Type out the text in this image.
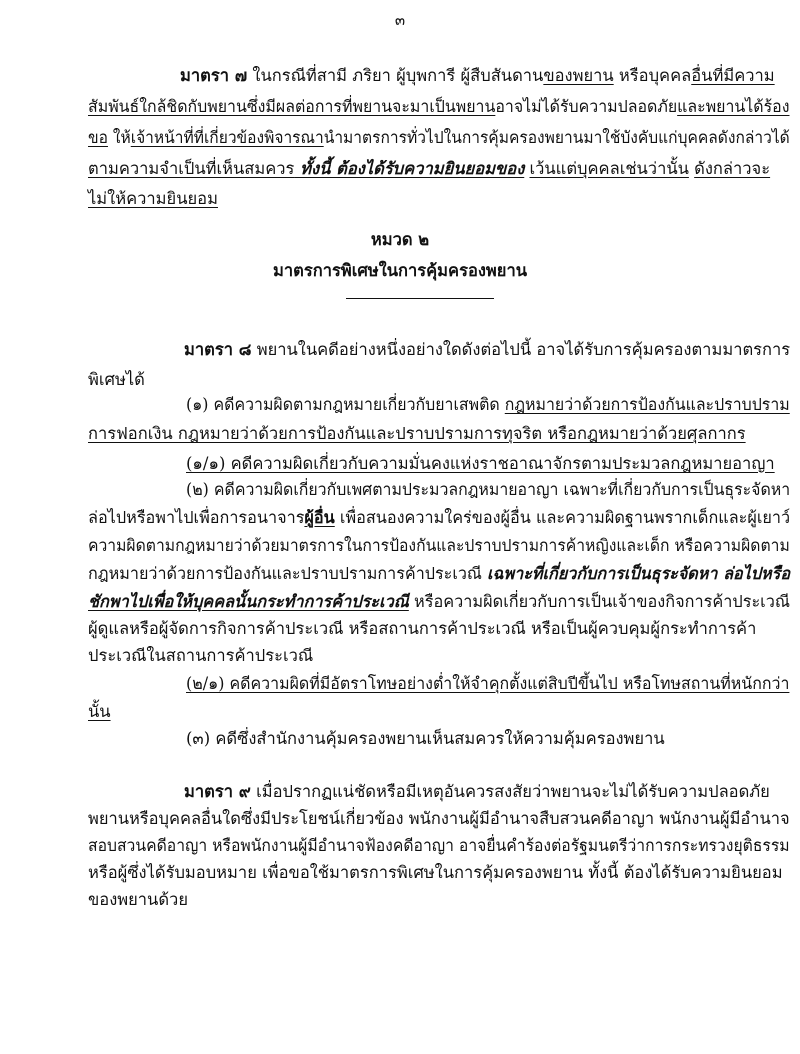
๓
มาตรา ๗ ในกรณีที่สามี ภริยา ผู้บุพการี ผู้สืบสันดานของพยาน หรือบุคคลอื่นที่มีความ
สัมพันธ์ใกล้ชิดกับพยานซึ่งมีผลต่อการที่พยานจะมาเป็นพยานอาจไม่ได้รับความปลอดภัยและพยานได้ร้อง
ขอ ให้เจ้าหน้าที่ที่เกี่ยวข้องพิจารณานำมาตรการทั่วไปในการคุ้มครองพยานมาใช้บังคับแก่บุคคลดังกล่าวได้
ตามความจำเป็นที่เห็นสมควร ทั้งนี้ ต้องได้รับความยินยอมของ เว้นแต่บุคคลเช่นว่านั้น ดังกล่าวจะ
ไม่ให้ความยินยอม
หมวด ๒
มาตรการพิเศษในการคุ้มครองพยาน
มาตรา ๘ พยานในคดีอย่างหนึ่งอย่างใดดังต่อไปนี้ อาจได้รับการคุ้มครองตามมาตรการ
พิเศษได้
(๑) คดีความผิดตามกฎหมายเกี่ยวกับยาเสพติด กฎหมายว่าด้วยการป้องกันและปราบปราม
การฟอกเงิน กฎหมายว่าด้วยการป้องกันและปราบปรามการทุจริต หรือกฎหมายว่าด้วยศุลกากร
(๑/๑) คดีความผิดเกี่ยวกับความมั่นคงแห่งราชอาณาจักรตามประมวลกฎหมายอาญา
(๒) คดีความผิดเกี่ยวกับเพศตามประมวลกฎหมายอาญา เฉพาะที่เกี่ยวกับการเป็นธุระจัดหา
ล่อไปหรือพาไปเพื่อการอนาจารผู้อื่น เพื่อสนองความใคร่ของผู้อื่น และความผิดฐานพรากเด็กและผู้เยาว์
ความผิดตามกฎหมายว่าด้วยมาตรการในการป้องกันและปราบปรามการค้าหญิงและเด็ก หรือความผิดตาม
กฎหมายว่าด้วยการป้องกันและปราบปรามการค้าประเวณี เฉพาะที่เกี่ยวกับการเป็นธุระจัดหา ล่อไปหรือ
ชักพาไปเพื่อให้บุคคลนั้นกระทำการค้าประเวณี หรือความผิดเกี่ยวกับการเป็นเจ้าของกิจการค้าประเวณี
ผู้ดูแลหรือผู้จัดการกิจการค้าประเวณี หรือสถานการค้าประเวณี หรือเป็นผู้ควบคุมผู้กระทำการค้า
ประเวณีในสถานการค้าประเวณี
(๒/๑) คดีความผิดที่มีอัตราโทษอย่างต่ำให้จำคุกตั้งแต่สิบปีขึ้นไป หรือโทษสถานที่หนักกว่า
นั้น
(๓) คดีซึ่งสำนักงานคุ้มครองพยานเห็นสมควรให้ความคุ้มครองพยาน
มาตรา ๙ เมื่อปรากฏแน่ชัดหรือมีเหตุอันควรสงสัยว่าพยานจะไม่ได้รับความปลอดภัย
พยานหรือบุคคลอื่นใดซึ่งมีประโยชน์เกี่ยวข้อง พนักงานผู้มีอำนาจสืบสวนคดีอาญา พนักงานผู้มีอำนาจ
สอบสวนคดีอาญา หรือพนักงานผู้มีอำนาจฟ้องคดีอาญา อาจยื่นคำร้องต่อรัฐมนตรีว่าการกระทรวงยุติธรรม
หรือผู้ซึ่งได้รับมอบหมาย เพื่อขอใช้มาตรการพิเศษในการคุ้มครองพยาน ทั้งนี้ ต้องได้รับความยินยอม
ของพยานด้วย
